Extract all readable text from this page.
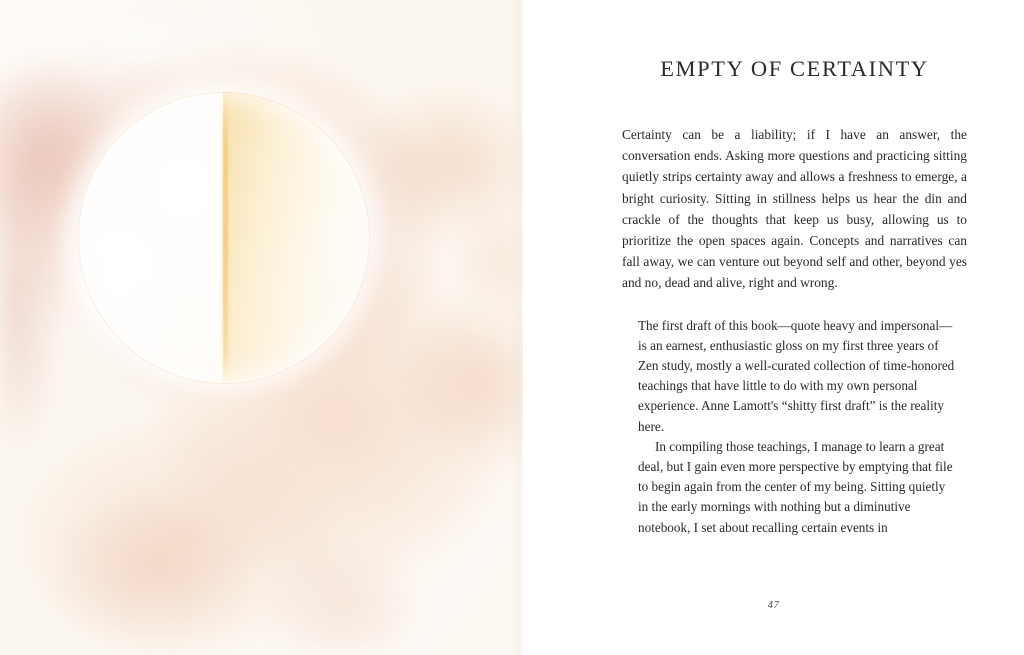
EMPTY OF CERTAINTY

Certainty can be a liability; if I have an answer, the conversation ends. Asking more questions and practicing sitting quietly strips certainty away and allows a freshness to emerge, a bright curiosity. Sitting in stillness helps us hear the din and crackle of the thoughts that keep us busy, allowing us to prioritize the open spaces again. Concepts and narratives can fall away, we can venture out beyond self and other, beyond yes and no, dead and alive, right and wrong.

The first draft of this book—quote heavy and impersonal—is an earnest, enthusiastic gloss on my first three years of Zen study, mostly a well-curated collection of time-honored teachings that have little to do with my own personal experience. Anne Lamott's “shitty first draft” is the reality here.

In compiling those teachings, I manage to learn a great deal, but I gain even more perspective by emptying that file to begin again from the center of my being. Sitting quietly in the early mornings with nothing but a diminutive notebook, I set about recalling certain events in

47
